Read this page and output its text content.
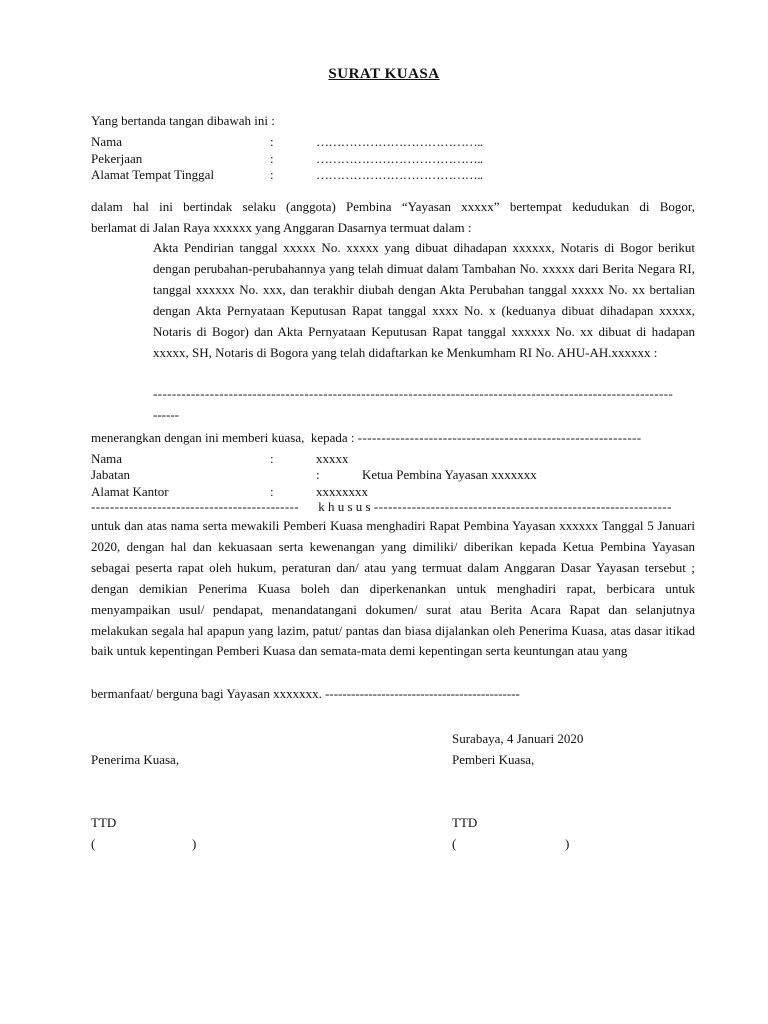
SURAT KUASA
Yang bertanda tangan dibawah ini :
Nama	:	…………………………………..
Pekerjaan	:	…………………………………..
Alamat Tempat Tinggal	:	…………………………………..
dalam hal ini bertindak selaku (anggota) Pembina “Yayasan xxxxx” bertempat kedudukan di Bogor,
berlamat di Jalan Raya xxxxxx yang Anggaran Dasarnya termuat dalam :
Akta Pendirian tanggal xxxxx No. xxxxx yang dibuat dihadapan xxxxxx, Notaris di Bogor berikut dengan perubahan-perubahannya yang telah dimuat dalam Tambahan No. xxxxx dari Berita Negara RI, tanggal xxxxxx No. xxx, dan terakhir diubah dengan Akta Perubahan tanggal xxxxx No. xx bertalian dengan Akta Pernyataan Keputusan Rapat tanggal xxxx No. x (keduanya dibuat dihadapan xxxxx, Notaris di Bogor) dan Akta Pernyataan Keputusan Rapat tanggal xxxxxx No. xx dibuat di hadapan xxxxx, SH, Notaris di Bogora yang telah didaftarkan ke Menkumham RI No. AHU-AH.xxxxxx :
--------------------------------------------------------------------------------------------------------------
------
menerangkan dengan ini memberi kuasa,  kepada : ------------------------------------------------------------
Nama	:	xxxxx
Jabatan	:	Ketua Pembina Yayasan xxxxxxx
Alamat Kantor	:	xxxxxxxx
--------------------------------------------	k h u s u s ---------------------------------------------------------------
untuk dan atas nama serta mewakili Pemberi Kuasa menghadiri Rapat Pembina Yayasan xxxxxx Tanggal 5 Januari 2020, dengan hal dan kekuasaan serta kewenangan yang dimiliki/ diberikan kepada Ketua Pembina Yayasan sebagai peserta rapat oleh hukum, peraturan dan/ atau yang termuat dalam Anggaran Dasar Yayasan tersebut ; dengan demikian Penerima Kuasa boleh dan diperkenankan untuk menghadiri rapat, berbicara untuk menyampaikan usul/ pendapat, menandatangani dokumen/ surat atau Berita Acara Rapat dan selanjutnya melakukan segala hal apapun yang lazim, patut/ pantas dan biasa dijalankan oleh Penerima Kuasa, atas dasar itikad baik untuk kepentingan Pemberi Kuasa dan semata-mata demi kepentingan serta keuntungan atau yang
bermanfaat/ berguna bagi Yayasan xxxxxxx. ---------------------------------------------
Surabaya, 4 Januari 2020
Penerima Kuasa,
TTD
(	)
Pemberi Kuasa,
TTD
(	)
